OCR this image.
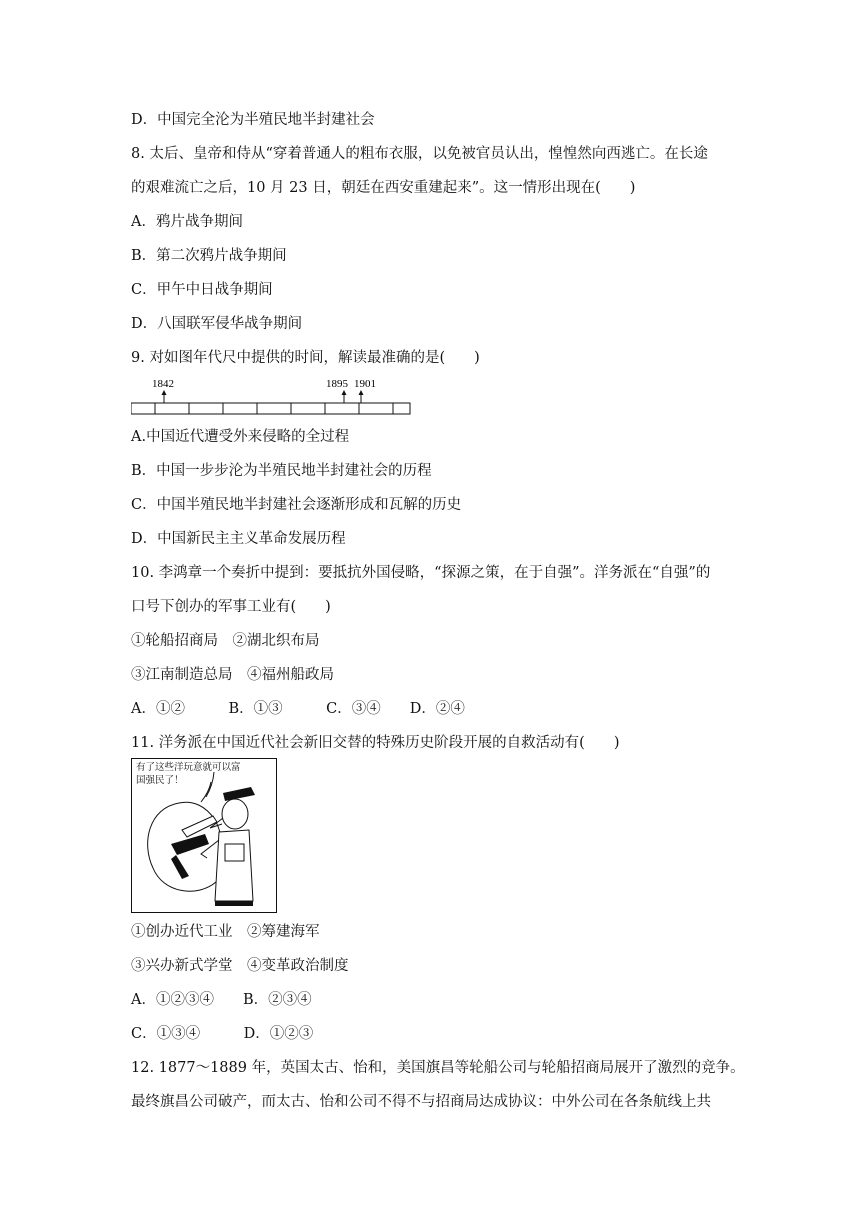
D．中国完全沦为半殖民地半封建社会
8. 太后、皇帝和侍从“穿着普通人的粗布衣服，以免被官员认出，惶惶然向西逃亡。在长途
的艰难流亡之后，10 月 23 日，朝廷在西安重建起来”。这一情形出现在(　　)
A．鸦片战争期间
B．第二次鸦片战争期间
C．甲午中日战争期间
D．八国联军侵华战争期间
9. 对如图年代尺中提供的时间，解读最准确的是(　　)
1842	1895 1901
A.中国近代遭受外来侵略的全过程
B．中国一步步沦为半殖民地半封建社会的历程
C．中国半殖民地半封建社会逐渐形成和瓦解的历史
D．中国新民主主义革命发展历程
10. 李鸿章一个奏折中提到：要抵抗外国侵略，“探源之策，在于自强”。洋务派在“自强”的
口号下创办的军事工业有(　　)
①轮船招商局　②湖北织布局
③江南制造总局　④福州船政局
A．①②　　　B．①③　　　C．③④　　D．②④
11. 洋务派在中国近代社会新旧交替的特殊历史阶段开展的自救活动有(　　)
有了这些洋玩意就可以富
国强民了！
①创办近代工业　②筹建海军
③兴办新式学堂　④变革政治制度
A．①②③④　　B．②③④
C．①③④　　　D．①②③
12. 1877～1889 年，英国太古、怡和，美国旗昌等轮船公司与轮船招商局展开了激烈的竞争。
最终旗昌公司破产，而太古、怡和公司不得不与招商局达成协议：中外公司在各条航线上共
